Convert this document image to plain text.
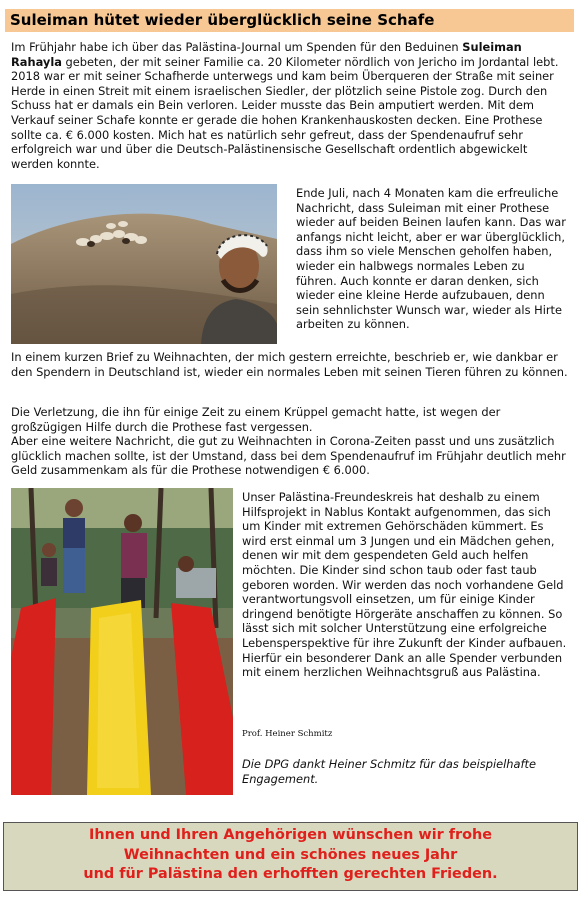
Suleiman hütet wieder überglücklich seine Schafe

Im Frühjahr habe ich über das Palästina-Journal um Spenden für den Beduinen Suleiman Rahayla gebeten, der mit seiner Familie ca. 20 Kilometer nördlich von Jericho im Jordantal lebt. 2018 war er mit seiner Schafherde unterwegs und kam beim Überqueren der Straße mit seiner Herde in einen Streit mit einem israelischen Siedler, der plötzlich seine Pistole zog. Durch den Schuss hat er damals ein Bein verloren. Leider musste das Bein amputiert werden. Mit dem Verkauf seiner Schafe konnte er gerade die hohen Krankenhauskosten decken. Eine Prothese sollte ca. € 6.000 kosten. Mich hat es natürlich sehr gefreut, dass der Spendenaufruf sehr erfolgreich war und über die Deutsch-Palästinensische Gesellschaft ordentlich abgewickelt werden konnte.

Ende Juli, nach 4 Monaten kam die erfreuliche Nachricht, dass Suleiman mit einer Prothese wieder auf beiden Beinen laufen kann. Das war anfangs nicht leicht, aber er war überglücklich, dass ihm so viele Menschen geholfen haben, wieder ein halbwegs normales Leben zu führen. Auch konnte er daran denken, sich wieder eine kleine Herde aufzubauen, denn sein sehnlichster Wunsch war, wieder als Hirte arbeiten zu können.

In einem kurzen Brief zu Weihnachten, der mich gestern erreichte, beschrieb er, wie dankbar er den Spendern in Deutschland ist, wieder ein normales Leben mit seinen Tieren führen zu können.

Die Verletzung, die ihn für einige Zeit zu einem Krüppel gemacht hatte, ist wegen der großzügigen Hilfe durch die Prothese fast vergessen.

Aber eine weitere Nachricht, die gut zu Weihnachten in Corona-Zeiten passt und uns zusätzlich glücklich machen sollte, ist der Umstand, dass bei dem Spendenaufruf im Frühjahr deutlich mehr Geld zusammenkam als für die Prothese notwendigen € 6.000.

Unser Palästina-Freundeskreis hat deshalb zu einem Hilfsprojekt in Nablus Kontakt aufgenommen, das sich um Kinder mit extremen Gehörschäden kümmert. Es wird erst einmal um 3 Jungen und ein Mädchen gehen, denen wir mit dem gespendeten Geld auch helfen möchten. Die Kinder sind schon taub oder fast taub geboren worden. Wir werden das noch vorhandene Geld verantwortungsvoll einsetzen, um für einige Kinder dringend benötigte Hörgeräte anschaffen zu können. So lässt sich mit solcher Unterstützung eine erfolgreiche Lebensperspektive für ihre Zukunft der Kinder aufbauen. Hierfür ein besonderer Dank an alle Spender verbunden mit einem herzlichen Weihnachtsgruß aus Palästina.

Prof. Heiner Schmitz
Die DPG dankt Heiner Schmitz für das beispielhafte Engagement.
Ihnen und Ihren Angehörigen wünschen wir frohe
Weihnachten und ein schönes neues Jahr
und für Palästina den erhofften gerechten Frieden.
